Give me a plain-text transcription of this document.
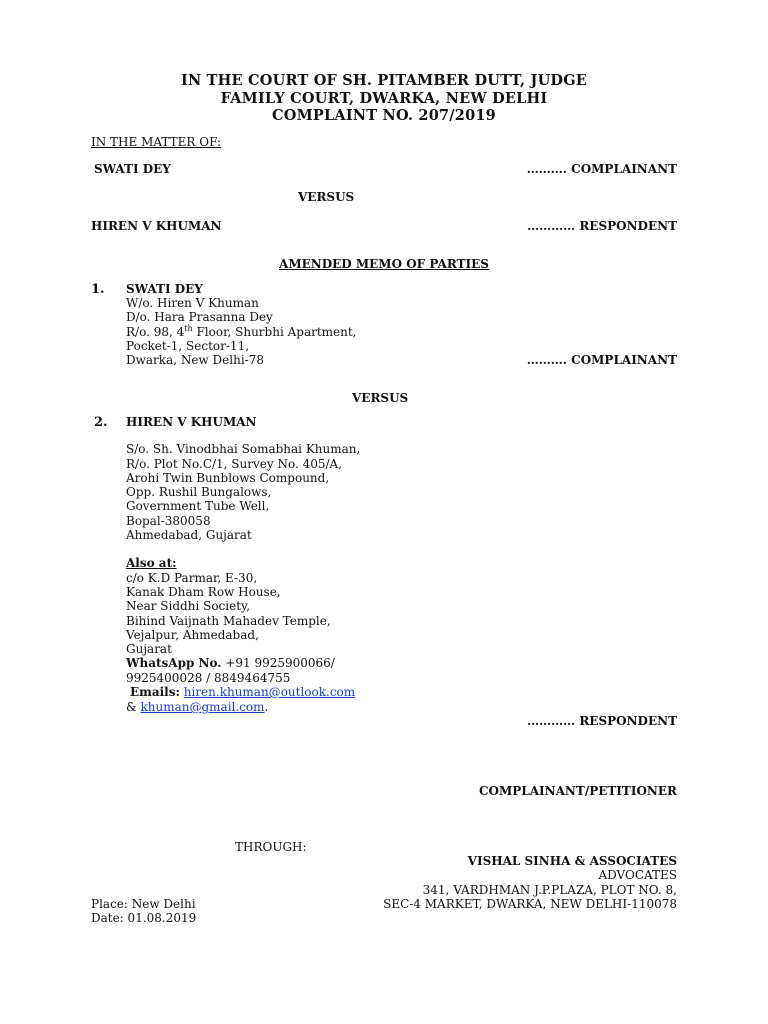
IN THE COURT OF SH. PITAMBER DUTT, JUDGE
FAMILY COURT, DWARKA, NEW DELHI
COMPLAINT NO. 207/2019
IN THE MATTER OF:
SWATI DEY	………. COMPLAINANT
VERSUS
HIREN V KHUMAN	………… RESPONDENT
AMENDED MEMO OF PARTIES
1. SWATI DEY
W/o. Hiren V Khuman
D/o. Hara Prasanna Dey
R/o. 98, 4th Floor, Shurbhi Apartment,
Pocket-1, Sector-11,
Dwarka, New Delhi-78	………. COMPLAINANT
VERSUS
2. HIREN V KHUMAN
S/o. Sh. Vinodbhai Somabhai Khuman,
R/o. Plot No.C/1, Survey No. 405/A,
Arohi Twin Bunblows Compound,
Opp. Rushil Bungalows,
Government Tube Well,
Bopal-380058
Ahmedabad, Gujarat
Also at:
c/o K.D Parmar, E-30,
Kanak Dham Row House,
Near Siddhi Society,
Bihind Vaijnath Mahadev Temple,
Vejalpur, Ahmedabad,
Gujarat
WhatsApp No. +91 9925900066/
9925400028 / 8849464755
Emails: hiren.khuman@outlook.com
& khuman@gmail.com.
………… RESPONDENT
COMPLAINANT/PETITIONER
THROUGH:
VISHAL SINHA & ASSOCIATES
ADVOCATES
341, VARDHMAN J.P.PLAZA, PLOT NO. 8,
SEC-4 MARKET, DWARKA, NEW DELHI-110078
Place: New Delhi
Date: 01.08.2019
